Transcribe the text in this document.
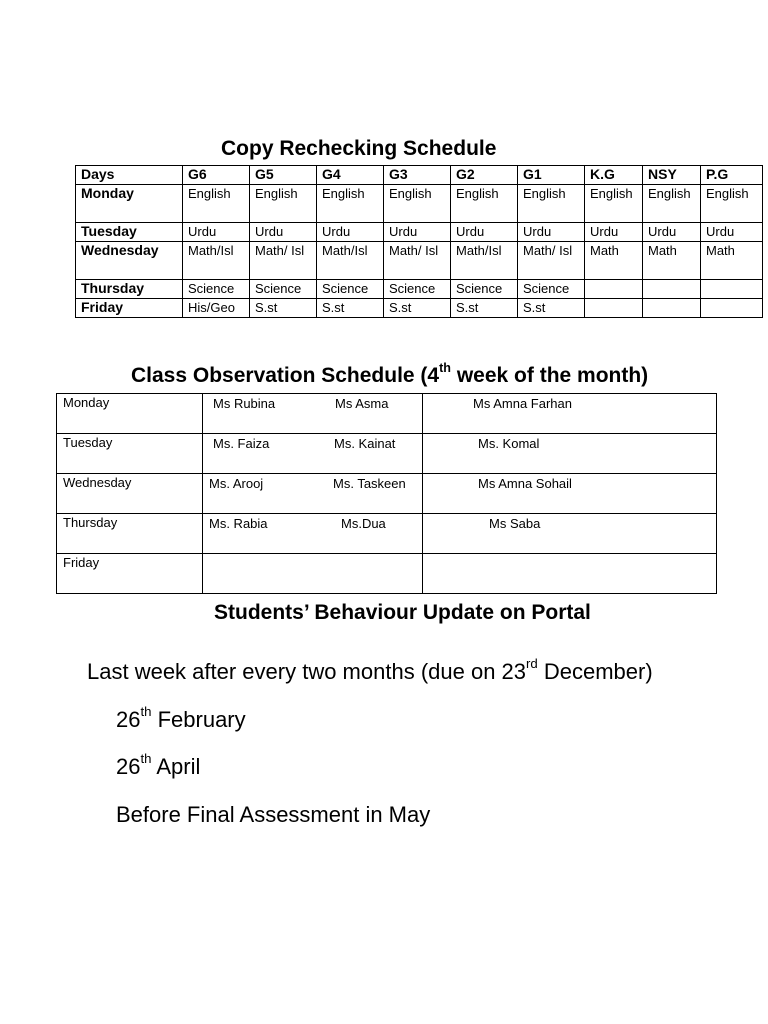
Copy Rechecking Schedule
Days	G6	G5	G4	G3	G2	G1	K.G	NSY	P.G
Monday	English	English	English	English	English	English	English	English	English
Tuesday	Urdu	Urdu	Urdu	Urdu	Urdu	Urdu	Urdu	Urdu	Urdu
Wednesday	Math/Isl	Math/ Isl	Math/Isl	Math/ Isl	Math/Isl	Math/ Isl	Math	Math	Math
Thursday	Science	Science	Science	Science	Science	Science			
Friday	His/Geo	S.st	S.st	S.st	S.st	S.st			
Class Observation Schedule (4th week of the month)
Monday	Ms Rubina Ms Asma	Ms Amna Farhan

Tuesday	Ms. Faiza Ms. Kainat	Ms. Komal

Wednesday	Ms. Arooj Ms. Taskeen	Ms Amna Sohail

Thursday	Ms. Rabia Ms.Dua	Ms Saba

Friday	

Students’ Behaviour Update on Portal
Last week after every two months (due on 23rd December)
26th February
26th April
Before Final Assessment in May
